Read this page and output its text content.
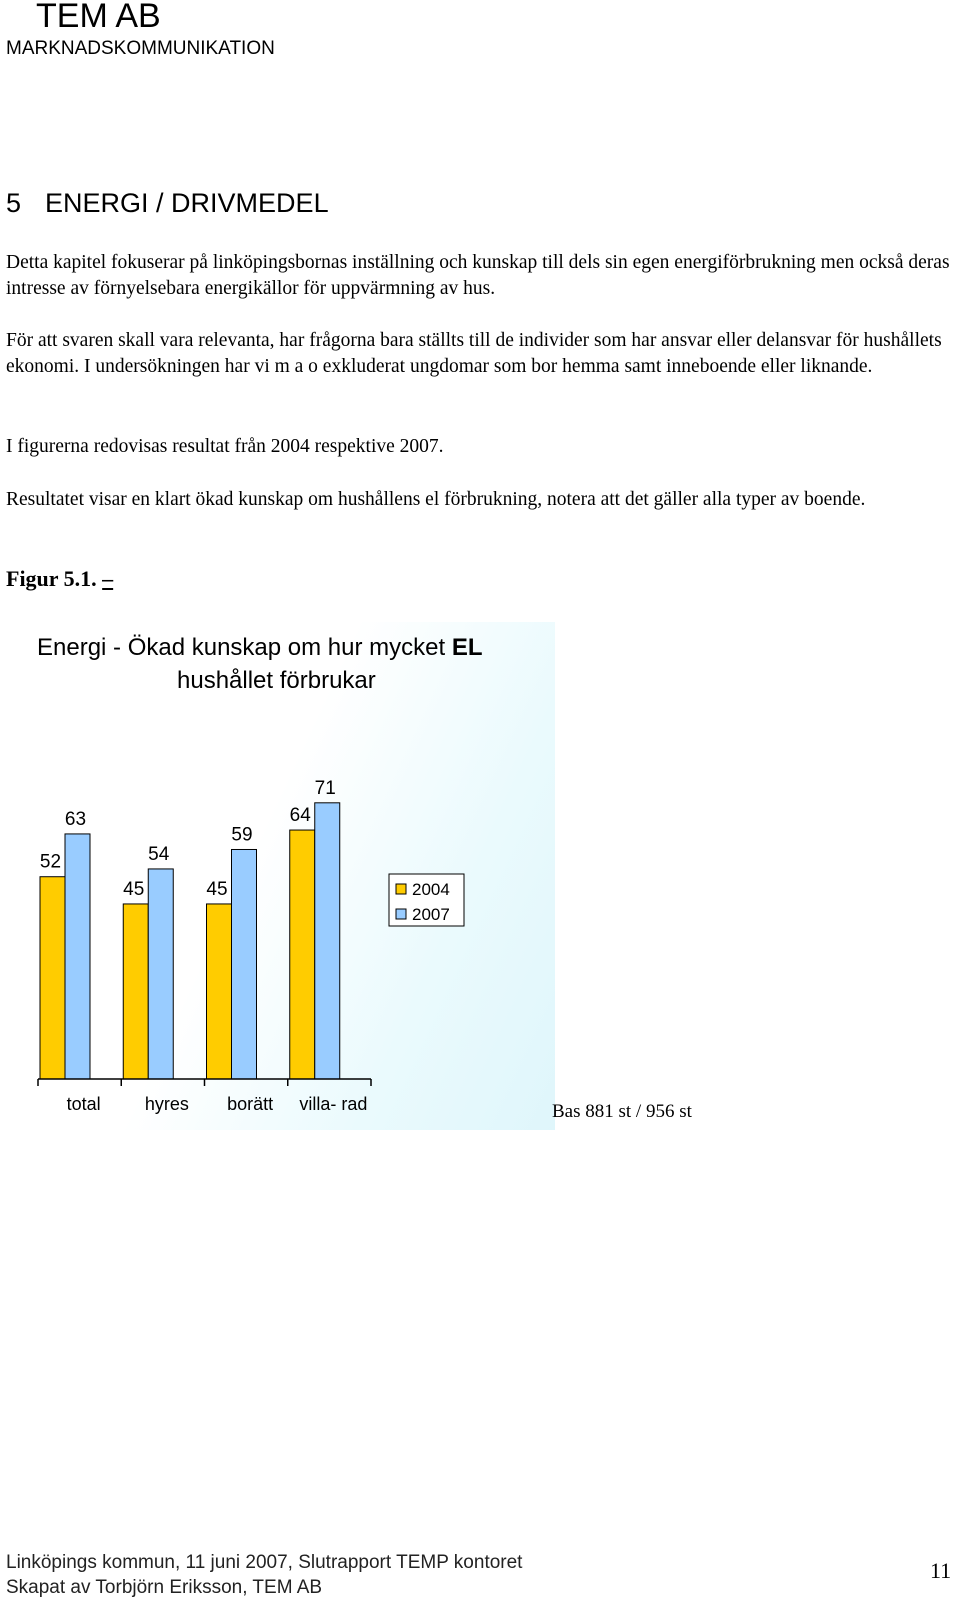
TEM AB
MARKNADSKOMMUNIKATION
5 ENERGI / DRIVMEDEL

Detta kapitel fokuserar på linköpingsbornas inställning och kunskap till dels sin egen energiförbrukning men också deras intresse av förnyelsebara energikällor för uppvärmning av hus.

För att svaren skall vara relevanta, har frågorna bara ställts till de individer som har ansvar eller delansvar för hushållets ekonomi. I undersökningen har vi m a o exkluderat ungdomar som bor hemma samt inneboende eller liknande.

I figurerna redovisas resultat från 2004 respektive 2007.

Resultatet visar en klart ökad kunskap om hushållens el förbrukning, notera att det gäller alla typer av boende.

Figur 5.1. –
Energi - Ökad kunskap om hur mycket EL
hushållet förbrukar
52
63
45
54
45
59
64
71
total hyres borätt villa- rad
2004
2007
Bas 881 st / 956 st
Linköpings kommun, 11 juni 2007, Slutrapport TEMP kontoret
Skapat av Torbjörn Eriksson, TEM AB
11
